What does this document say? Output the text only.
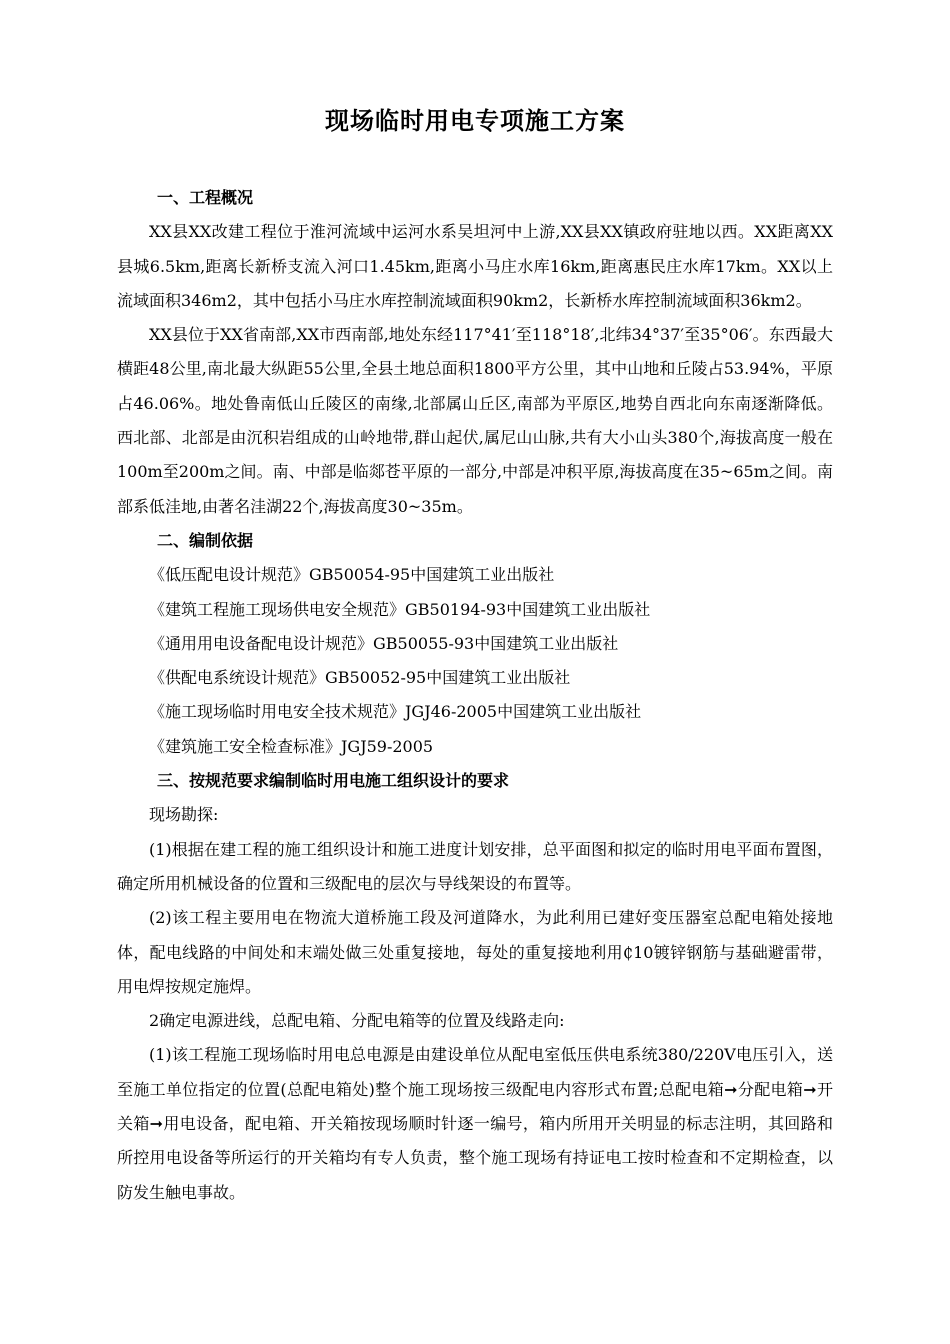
现场临时用电专项施工方案
一、工程概况
XX县XX改建工程位于淮河流域中运河水系吴坦河中上游,XX县XX镇政府驻地以西。XX距离XX县城6.5km,距离长新桥支流入河口1.45km,距离小马庄水库16km,距离惠民庄水库17km。XX以上流域面积346m2，其中包括小马庄水库控制流域面积90km2，长新桥水库控制流域面积36km2。
XX县位于XX省南部,XX市西南部,地处东经117°41′至118°18′,北纬34°37′至35°06′。东西最大横距48公里,南北最大纵距55公里,全县土地总面积1800平方公里，其中山地和丘陵占53.94%，平原占46.06%。地处鲁南低山丘陵区的南缘,北部属山丘区,南部为平原区,地势自西北向东南逐渐降低。西北部、北部是由沉积岩组成的山岭地带,群山起伏,属尼山山脉,共有大小山头380个,海拔高度一般在100m至200m之间。南、中部是临郯苍平原的一部分,中部是冲积平原,海拔高度在35~65m之间。南部系低洼地,由著名洼湖22个,海拔高度30~35m。
二、编制依据
《低压配电设计规范》GB50054-95中国建筑工业出版社
《建筑工程施工现场供电安全规范》GB50194-93中国建筑工业出版社
《通用用电设备配电设计规范》GB50055-93中国建筑工业出版社
《供配电系统设计规范》GB50052-95中国建筑工业出版社
《施工现场临时用电安全技术规范》JGJ46-2005中国建筑工业出版社
《建筑施工安全检查标准》JGJ59-2005
三、按规范要求编制临时用电施工组织设计的要求
现场勘探:
(1)根据在建工程的施工组织设计和施工进度计划安排，总平面图和拟定的临时用电平面布置图，确定所用机械设备的位置和三级配电的层次与导线架设的布置等。
(2)该工程主要用电在物流大道桥施工段及河道降水，为此利用已建好变压器室总配电箱处接地体，配电线路的中间处和末端处做三处重复接地，每处的重复接地利用₵10镀锌钢筋与基础避雷带，用电焊按规定施焊。
2确定电源进线，总配电箱、分配电箱等的位置及线路走向:
(1)该工程施工现场临时用电总电源是由建设单位从配电室低压供电系统380/220V电压引入，送至施工单位指定的位置(总配电箱处)整个施工现场按三级配电内容形式布置;总配电箱➞分配电箱➞开关箱➞用电设备，配电箱、开关箱按现场顺时针逐一编号，箱内所用开关明显的标志注明，其回路和所控用电设备等所运行的开关箱均有专人负责，整个施工现场有持证电工按时检查和不定期检查，以防发生触电事故。
